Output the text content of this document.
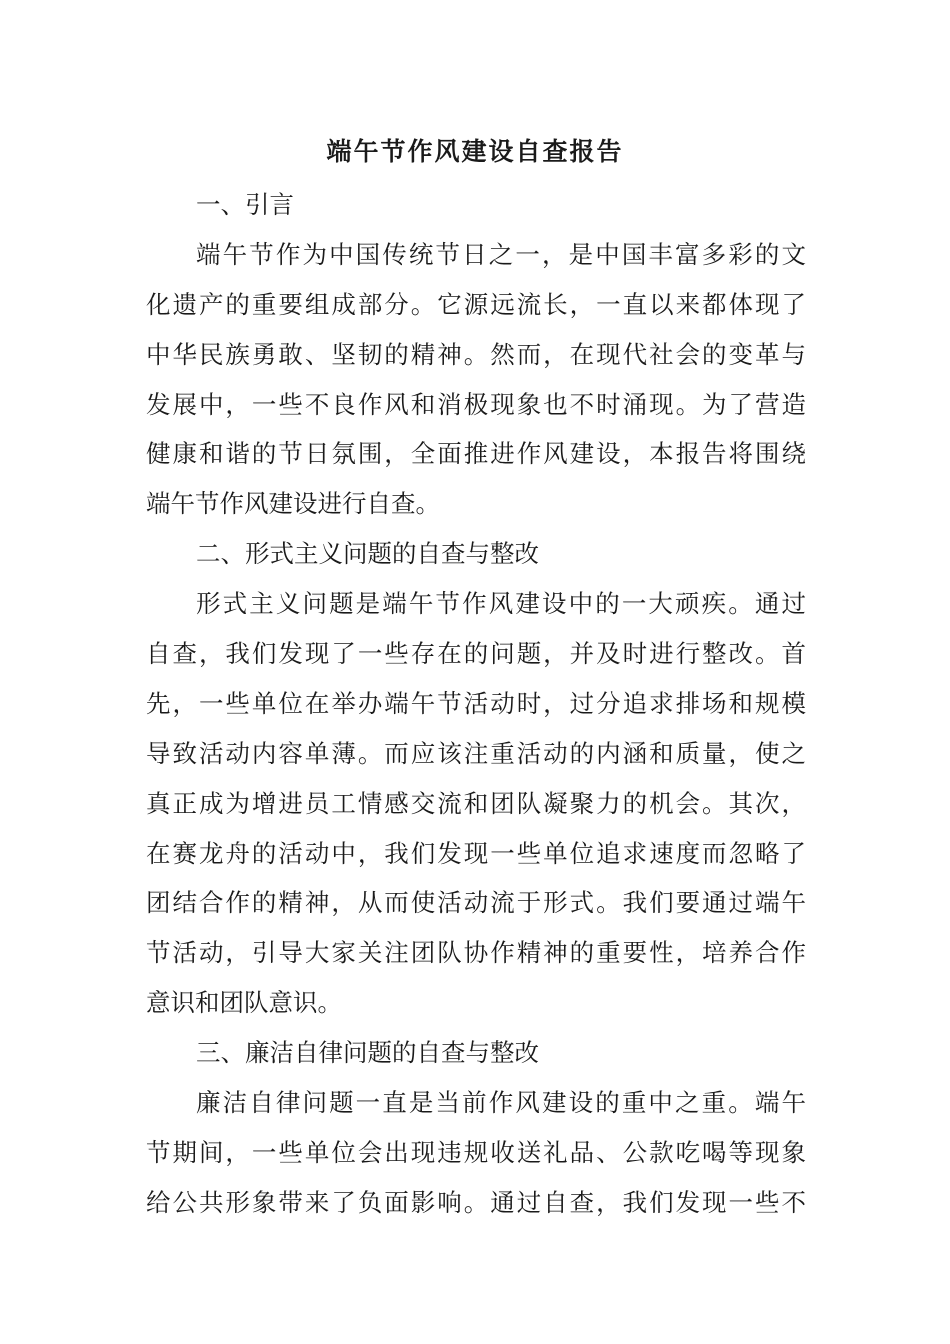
端午节作风建设自查报告
一、引言
端午节作为中国传统节日之一，是中国丰富多彩的文
化遗产的重要组成部分。它源远流长，一直以来都体现了
中华民族勇敢、坚韧的精神。然而，在现代社会的变革与
发展中，一些不良作风和消极现象也不时涌现。为了营造
健康和谐的节日氛围，全面推进作风建设，本报告将围绕
端午节作风建设进行自查。
二、形式主义问题的自查与整改
形式主义问题是端午节作风建设中的一大顽疾。通过
自查，我们发现了一些存在的问题，并及时进行整改。首
先，一些单位在举办端午节活动时，过分追求排场和规模
导致活动内容单薄。而应该注重活动的内涵和质量，使之
真正成为增进员工情感交流和团队凝聚力的机会。其次，
在赛龙舟的活动中，我们发现一些单位追求速度而忽略了
团结合作的精神，从而使活动流于形式。我们要通过端午
节活动，引导大家关注团队协作精神的重要性，培养合作
意识和团队意识。
三、廉洁自律问题的自查与整改
廉洁自律问题一直是当前作风建设的重中之重。端午
节期间，一些单位会出现违规收送礼品、公款吃喝等现象
给公共形象带来了负面影响。通过自查，我们发现一些不
